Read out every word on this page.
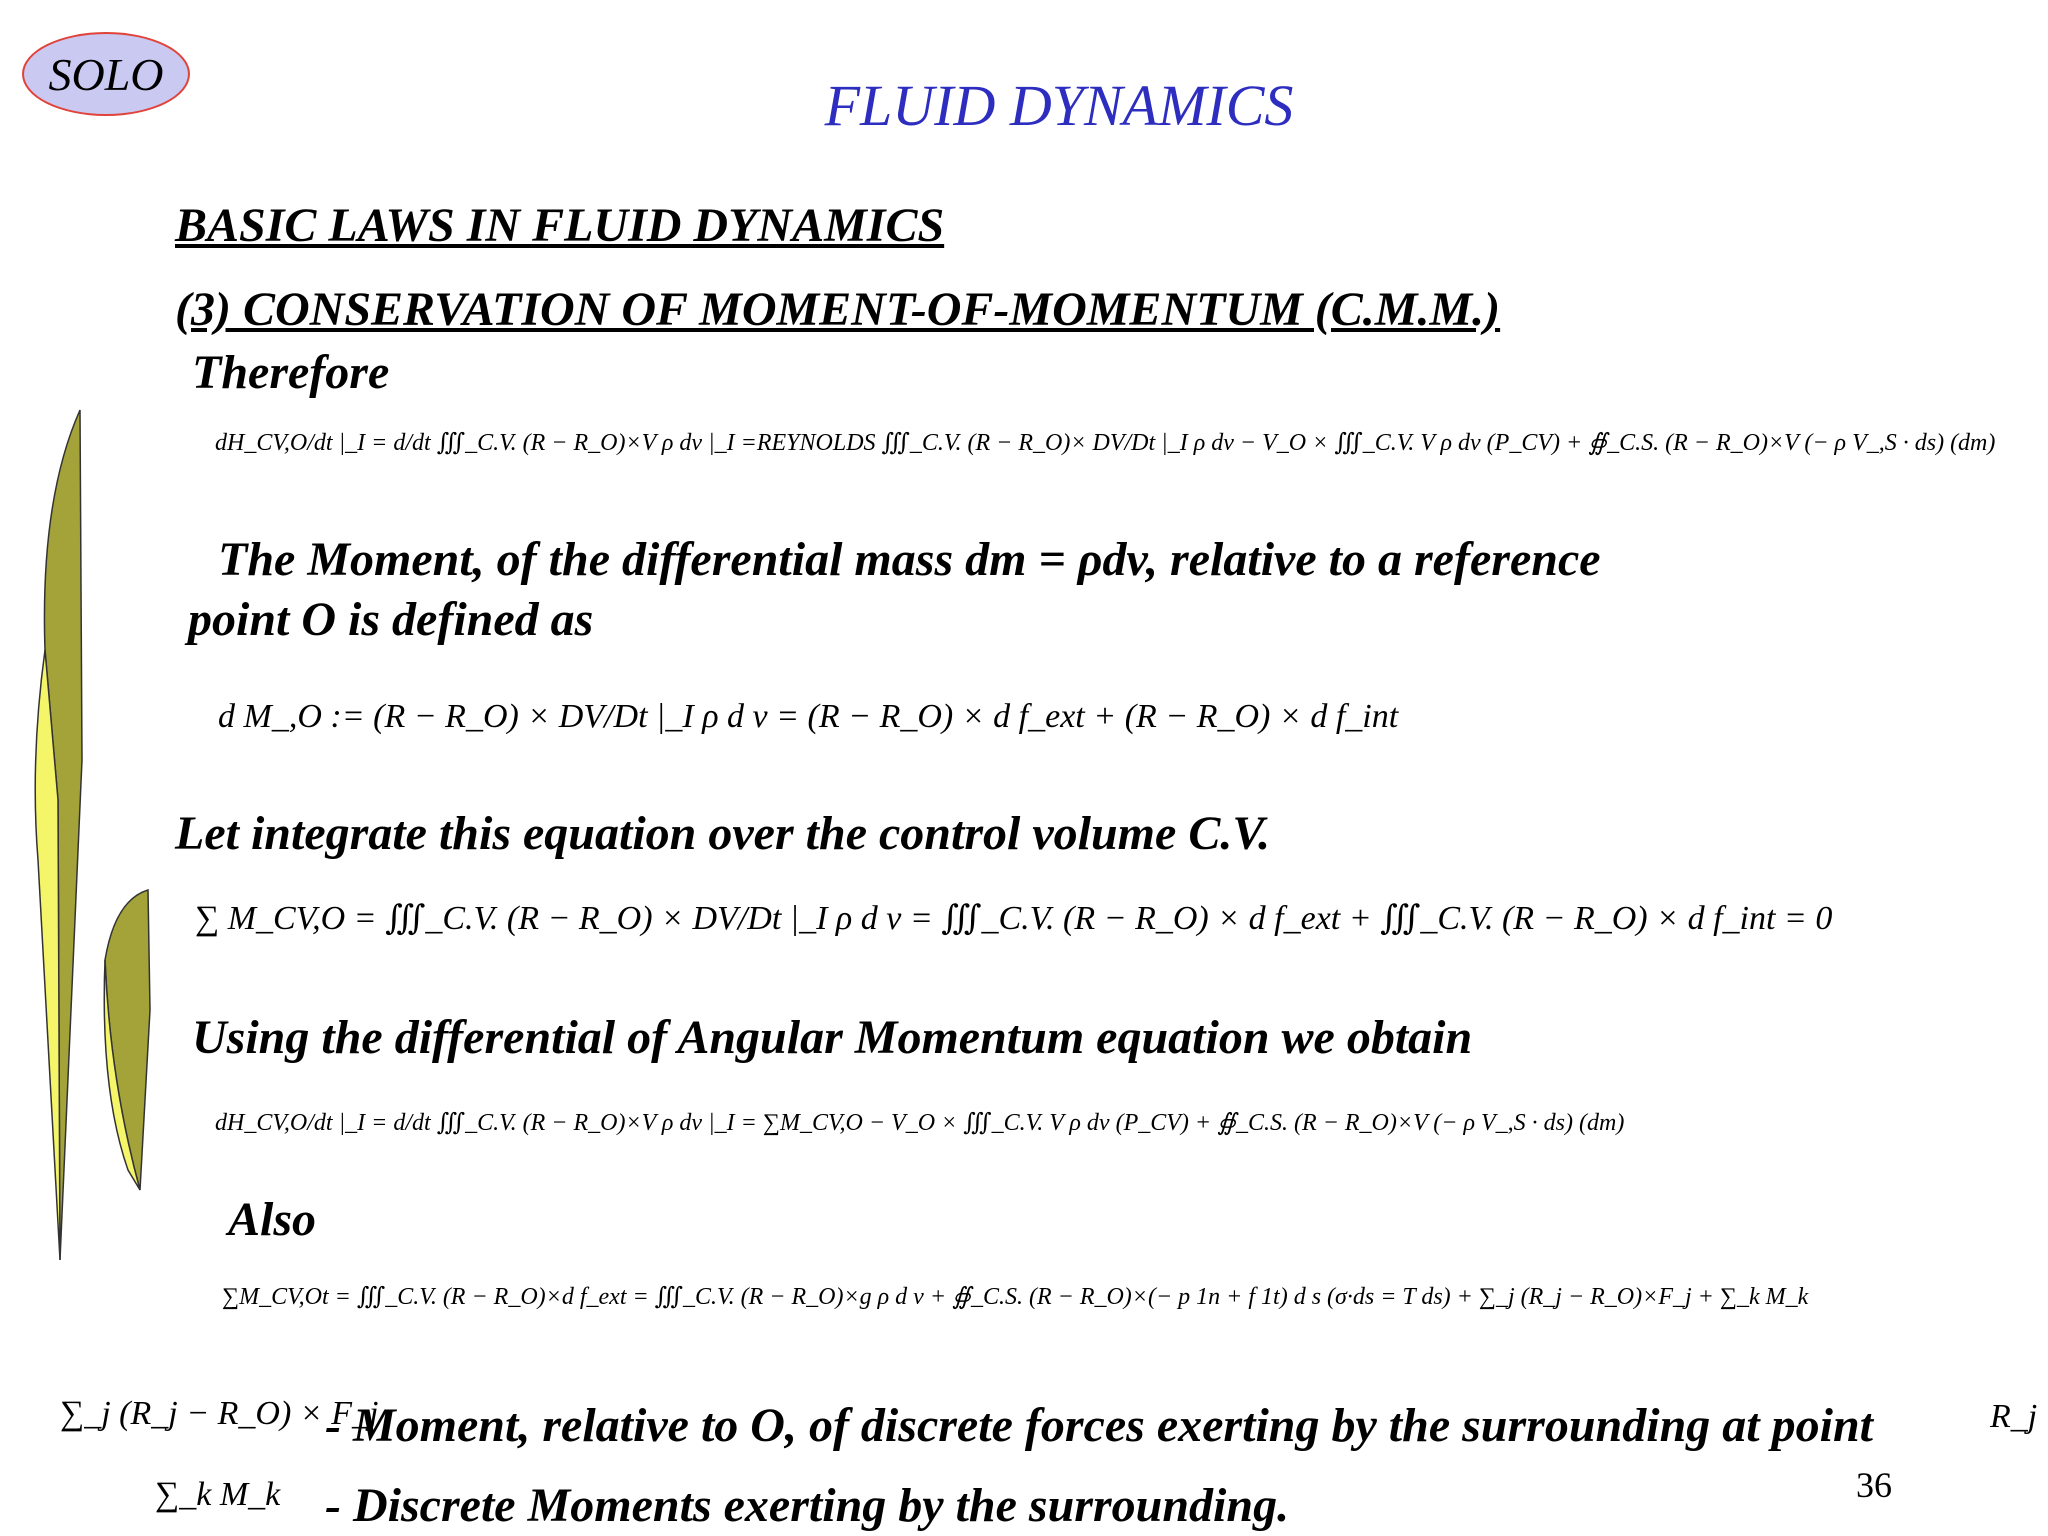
SOLO	FLUID DYNAMICS
BASIC LAWS IN FLUID DYNAMICS
(3) CONSERVATION OF MOMENT-OF-MOMENTUM (C.M.M.)
Therefore
dH_CV,O/dt |_I = d/dt ∭_C.V. (R − R_O)×V ρ dv |_I =REYNOLDS ∭_C.V. (R − R_O)× DV/Dt |_I ρ dv − V_O × ∭_C.V. V ρ dv (P_CV) + ∯_C.S. (R − R_O)×V (− ρ V_,S · ds) (dm)
The Moment, of the differential mass dm = ρdv, relative to a reference
point O is defined as
d M_,O := (R − R_O) × DV/Dt |_I ρ d v = (R − R_O) × d f_ext + (R − R_O) × d f_int
Let integrate this equation over the control volume C.V.
∑ M_CV,O = ∭_C.V. (R − R_O) × DV/Dt |_I ρ d v = ∭_C.V. (R − R_O) × d f_ext + ∭_C.V. (R − R_O) × d f_int = 0
Using the differential of Angular Momentum equation we obtain
dH_CV,O/dt |_I = d/dt ∭_C.V. (R − R_O)×V ρ dv |_I = ∑M_CV,O − V_O × ∭_C.V. V ρ dv (P_CV) + ∯_C.S. (R − R_O)×V (− ρ V_,S · ds) (dm)
Also
∑M_CV,Ot = ∭_C.V. (R − R_O)×d f_ext = ∭_C.V. (R − R_O)×g ρ d v + ∯_C.S. (R − R_O)×(− p 1n + f 1t) d s (σ·ds = T ds) + ∑_j (R_j − R_O)×F_j + ∑_k M_k
∑_j (R_j − R_O) × F_j
- Moment, relative to O, of discrete forces exerting by the surrounding at point	R_j
∑_k M_k - Discrete Moments exerting by the surrounding.	36
